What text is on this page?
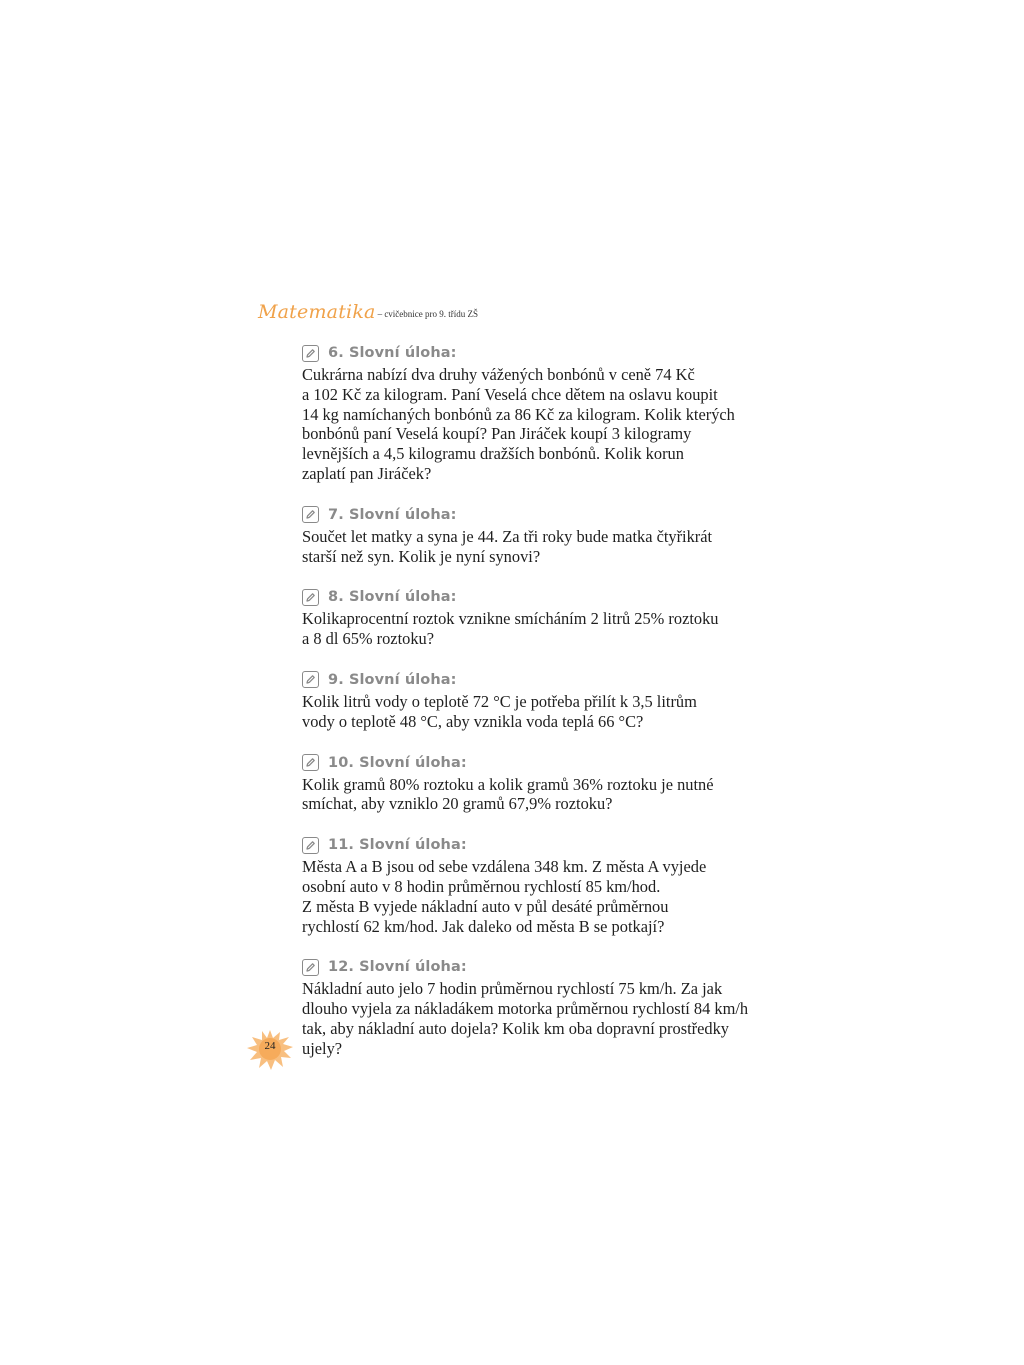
Matematika – cvičebnice pro 9. třídu ZŠ
6. Slovní úloha:

Cukrárna nabízí dva druhy vážených bonbónů v ceně 74 Kč
a 102 Kč za kilogram. Paní Veselá chce dětem na oslavu koupit
14 kg namíchaných bonbónů za 86 Kč za kilogram. Kolik kterých
bonbónů paní Veselá koupí? Pan Jiráček koupí 3 kilogramy
levnějších a 4,5 kilogramu dražších bonbónů. Kolik korun
zaplatí pan Jiráček?

7. Slovní úloha:

Součet let matky a syna je 44. Za tři roky bude matka čtyřikrát
starší než syn. Kolik je nyní synovi?

8. Slovní úloha:

Kolikaprocentní roztok vznikne smícháním 2 litrů 25% roztoku
a 8 dl 65% roztoku?

9. Slovní úloha:

Kolik litrů vody o teplotě 72 °C je potřeba přilít k 3,5 litrům
vody o teplotě 48 °C, aby vznikla voda teplá 66 °C?

10. Slovní úloha:

Kolik gramů 80% roztoku a kolik gramů 36% roztoku je nutné
smíchat, aby vzniklo 20 gramů 67,9% roztoku?

11. Slovní úloha:

Města A a B jsou od sebe vzdálena 348 km. Z města A vyjede
osobní auto v 8 hodin průměrnou rychlostí 85 km/hod.
Z města B vyjede nákladní auto v půl desáté průměrnou
rychlostí 62 km/hod. Jak daleko od města B se potkají?

12. Slovní úloha:

Nákladní auto jelo 7 hodin průměrnou rychlostí 75 km/h. Za jak
dlouho vyjela za nákladákem motorka průměrnou rychlostí 84 km/h
tak, aby nákladní auto dojela? Kolik km oba dopravní prostředky
ujely?

24
